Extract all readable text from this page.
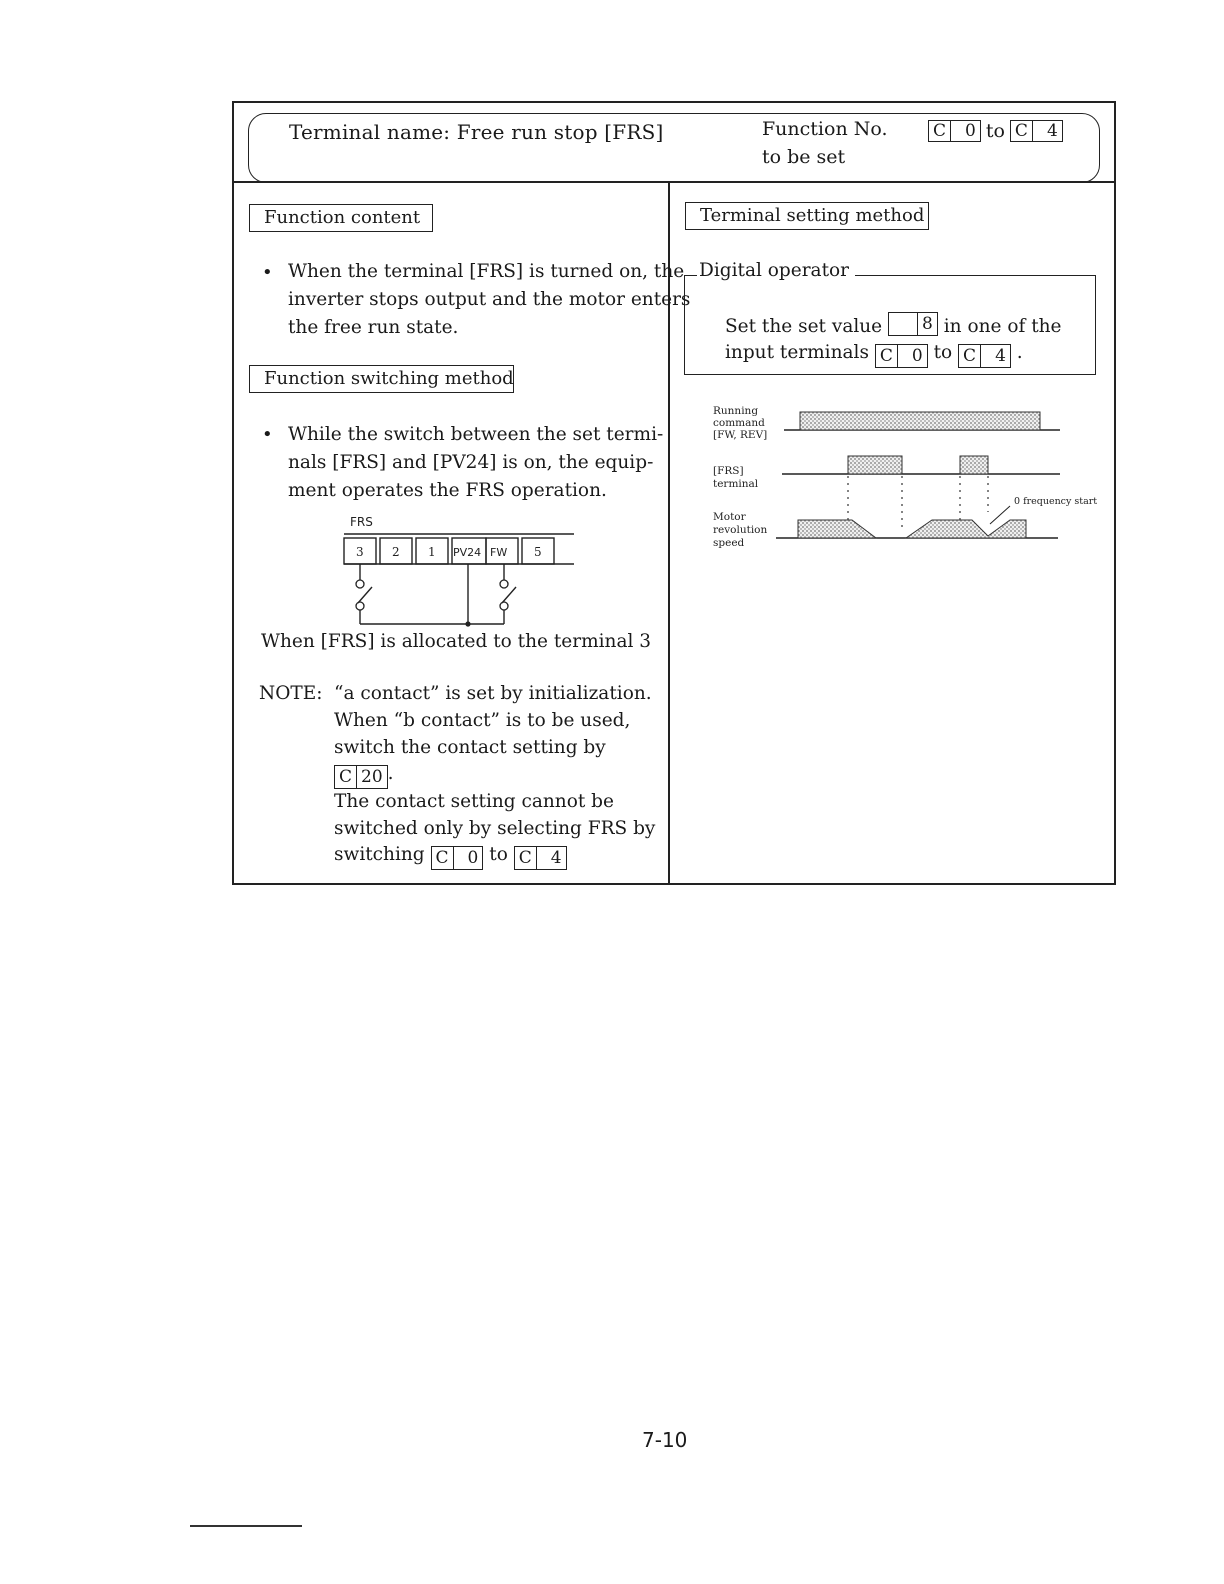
Terminal name: Free run stop [FRS]	Function No.
to be set
C	0 to C	4
Function content
• When the terminal [FRS] is turned on, the
inverter stops output and the motor enters
the free run state.
Function switching method
• While the switch between the set termi-
nals [FRS] and [PV24] is on, the equip-
ment operates the FRS operation.
FRS
3 2 1 PV24 FW 5
When [FRS] is allocated to the terminal 3
NOTE: “a contact” is set by initialization.
When “b contact” is to be used,
switch the contact setting by
C 20 .
The contact setting cannot be
switched only by selecting FRS by
switching C	0 to C	4
Terminal setting method
Digital operator
Set the set value 8 in one of the
input terminals C	0 to C	4 .
Running
command
[FW, REV]
[FRS]
terminal
Motor
revolution
speed
0 frequency start
7-10
